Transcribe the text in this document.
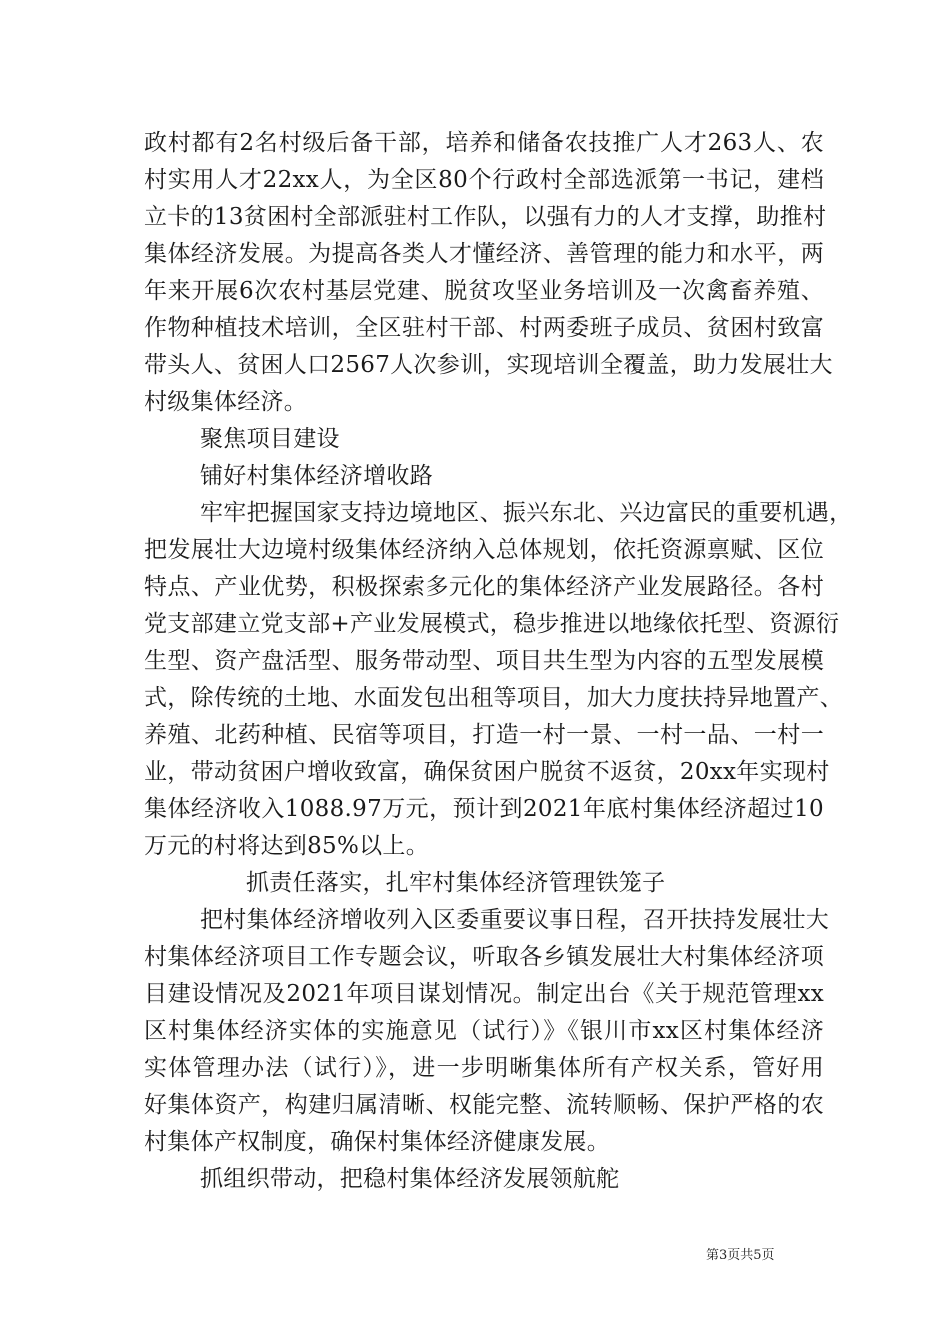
政村都有2名村级后备干部，培养和储备农技推广人才263人、农
村实用人才22xx人，为全区80个行政村全部选派第一书记，建档
立卡的13贫困村全部派驻村工作队，以强有力的人才支撑，助推村
集体经济发展。为提高各类人才懂经济、善管理的能力和水平，两
年来开展6次农村基层党建、脱贫攻坚业务培训及一次禽畜养殖、
作物种植技术培训，全区驻村干部、村两委班子成员、贫困村致富
带头人、贫困人口2567人次参训，实现培训全覆盖，助力发展壮大
村级集体经济。
聚焦项目建设
铺好村集体经济增收路
牢牢把握国家支持边境地区、振兴东北、兴边富民的重要机遇，
把发展壮大边境村级集体经济纳入总体规划，依托资源禀赋、区位
特点、产业优势，积极探索多元化的集体经济产业发展路径。各村
党支部建立党支部+产业发展模式，稳步推进以地缘依托型、资源衍
生型、资产盘活型、服务带动型、项目共生型为内容的五型发展模
式，除传统的土地、水面发包出租等项目，加大力度扶持异地置产、
养殖、北药种植、民宿等项目，打造一村一景、一村一品、一村一
业，带动贫困户增收致富，确保贫困户脱贫不返贫，20xx年实现村
集体经济收入1088.97万元，预计到2021年底村集体经济超过10
万元的村将达到85%以上。
抓责任落实，扎牢村集体经济管理铁笼子
把村集体经济增收列入区委重要议事日程，召开扶持发展壮大
村集体经济项目工作专题会议，听取各乡镇发展壮大村集体经济项
目建设情况及2021年项目谋划情况。制定出台《关于规范管理xx
区村集体经济实体的实施意见（试行）》《银川市xx区村集体经济
实体管理办法（试行）》，进一步明晰集体所有产权关系，管好用
好集体资产，构建归属清晰、权能完整、流转顺畅、保护严格的农
村集体产权制度，确保村集体经济健康发展。
抓组织带动，把稳村集体经济发展领航舵
第3页共5页
